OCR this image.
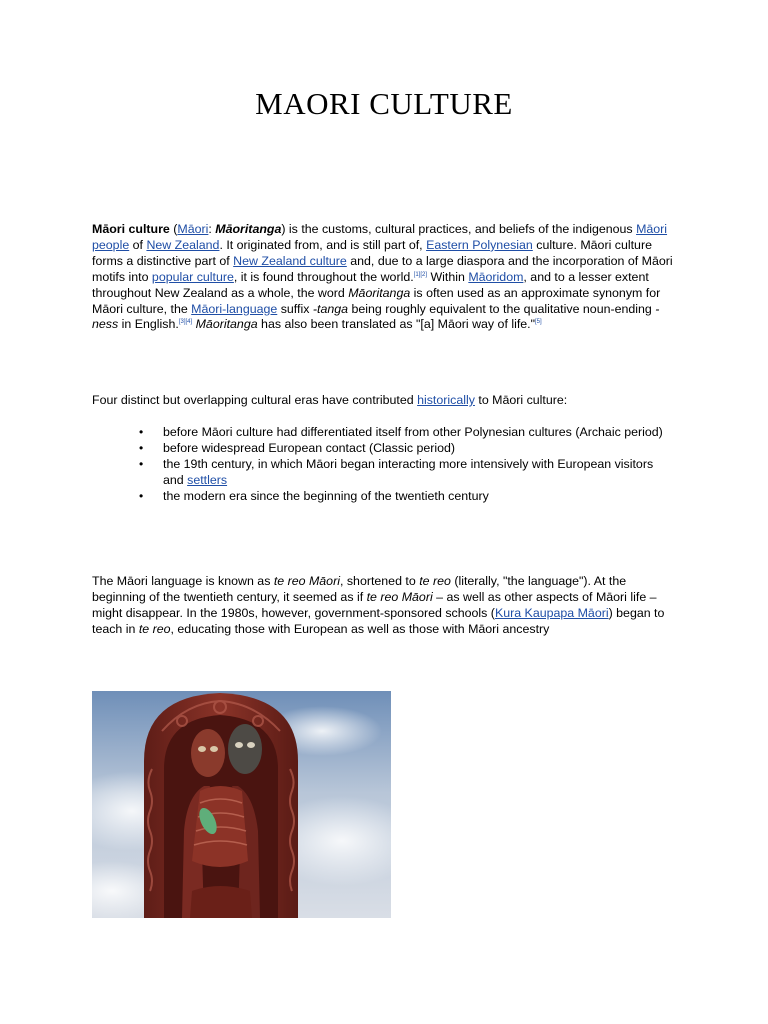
MAORI CULTURE

Māori culture (Māori: Māoritanga) is the customs, cultural practices, and beliefs of the indigenous Māori people of New Zealand. It originated from, and is still part of, Eastern Polynesian culture. Māori culture forms a distinctive part of New Zealand culture and, due to a large diaspora and the incorporation of Māori motifs into popular culture, it is found throughout the world.[1][2] Within Māoridom, and to a lesser extent throughout New Zealand as a whole, the word Māoritanga is often used as an approximate synonym for Māori culture, the Māori-language suffix -tanga being roughly equivalent to the qualitative noun-ending -ness in English.[3][4] Māoritanga has also been translated as "[a] Māori way of life."[5]

Four distinct but overlapping cultural eras have contributed historically to Māori culture:

• before Māori culture had differentiated itself from other Polynesian cultures (Archaic period)
• before widespread European contact (Classic period)
• the 19th century, in which Māori began interacting more intensively with European visitors and settlers
• the modern era since the beginning of the twentieth century

The Māori language is known as te reo Māori, shortened to te reo (literally, "the language"). At the beginning of the twentieth century, it seemed as if te reo Māori – as well as other aspects of Māori life – might disappear. In the 1980s, however, government-sponsored schools (Kura Kaupapa Māori) began to teach in te reo, educating those with European as well as those with Māori ancestry
